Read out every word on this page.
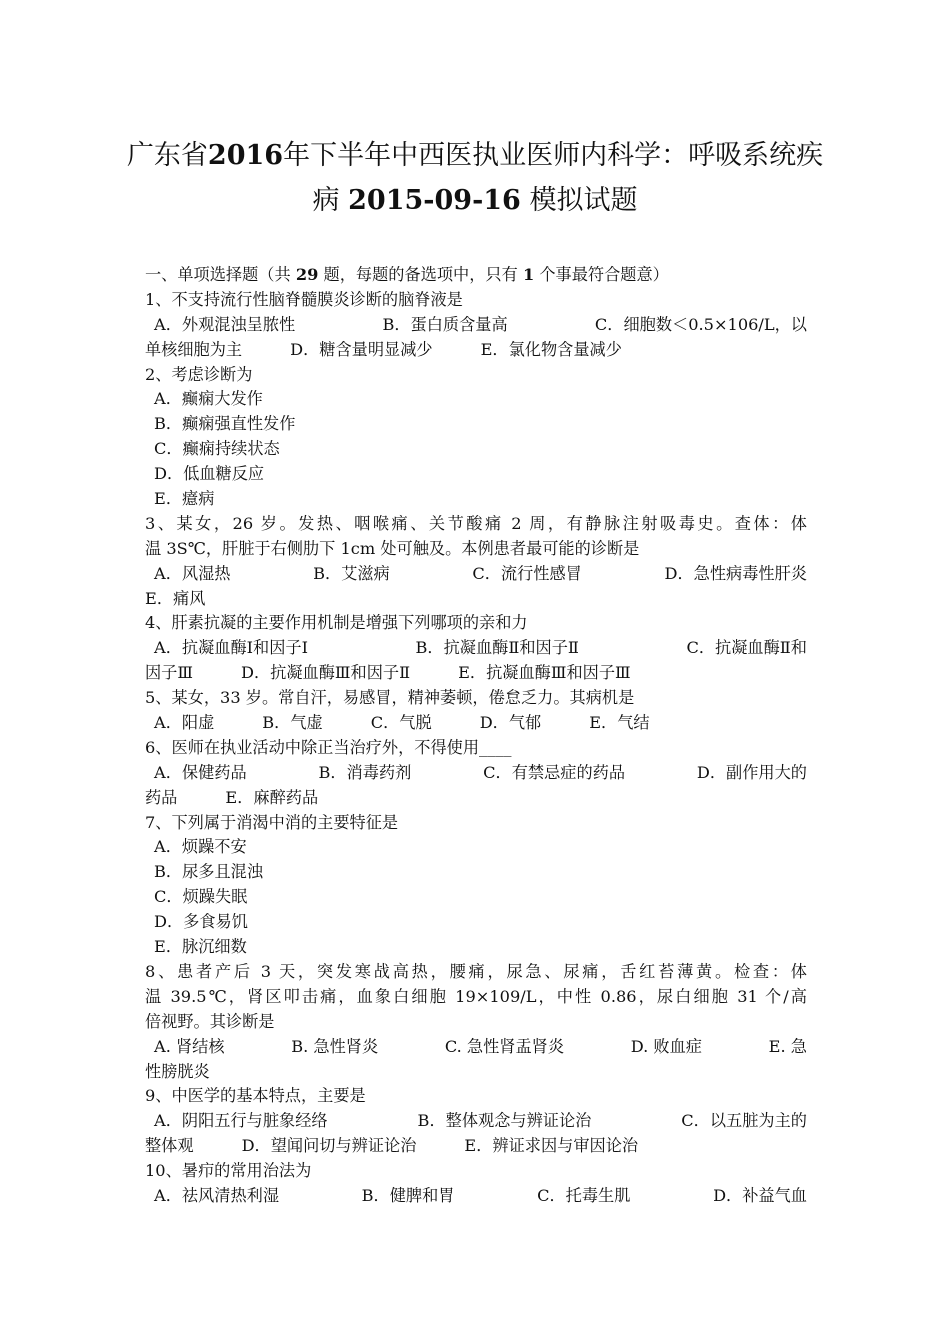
广东省2016年下半年中西医执业医师内科学：呼吸系统疾
病 2015-09-16 模拟试题
一、单项选择题（共 29 题，每题的备选项中，只有 1 个事最符合题意）
1、不支持流行性脑脊髓膜炎诊断的脑脊液是
A．外观混浊呈脓性	B．蛋白质含量高	C．细胞数＜0.5×106/L，以
单核细胞为主	D．糖含量明显减少	E．氯化物含量减少
2、考虑诊断为
A．癫痫大发作
B．癫痫强直性发作
C．癫痫持续状态
D．低血糖反应
E．癔病
3、某女，26 岁。发热、咽喉痛、关节酸痛 2 周，有静脉注射吸毒史。查体：体
温 3S℃，肝脏于右侧肋下 1cm 处可触及。本例患者最可能的诊断是
A．风湿热	B．艾滋病	C．流行性感冒	D．急性病毒性肝炎
E．痛风
4、肝素抗凝的主要作用机制是增强下列哪项的亲和力
A．抗凝血酶Ⅰ和因子Ⅰ	B．抗凝血酶Ⅱ和因子Ⅱ	C．抗凝血酶Ⅱ和
因子Ⅲ	D．抗凝血酶Ⅲ和因子Ⅱ	E．抗凝血酶Ⅲ和因子Ⅲ
5、某女，33 岁。常自汗，易感冒，精神萎顿，倦怠乏力。其病机是
A．阳虚	B．气虚	C．气脱	D．气郁	E．气结
6、医师在执业活动中除正当治疗外，不得使用____
A．保健药品	B．消毒药剂	C．有禁忌症的药品	D．副作用大的
药品	E．麻醉药品
7、下列属于消渴中消的主要特征是
A．烦躁不安
B．尿多且混浊
C．烦躁失眠
D．多食易饥
E．脉沉细数
8、患者产后 3 天，突发寒战高热，腰痛，尿急、尿痛，舌红苔薄黄。检查：体
温 39.5℃，肾区叩击痛，血象白细胞 19×109/L，中性 0.86，尿白细胞 31 个/高
倍视野。其诊断是
A. 肾结核	B. 急性肾炎	C. 急性肾盂肾炎	D. 败血症	E. 急
性膀胱炎
9、中医学的基本特点，主要是
A．阴阳五行与脏象经络	B．整体观念与辨证论治	C．以五脏为主的
整体观	D．望闻问切与辨证论治	E．辨证求因与审因论治
10、暑疖的常用治法为
A．祛风清热利湿	B．健脾和胃	C．托毒生肌	D．补益气血
